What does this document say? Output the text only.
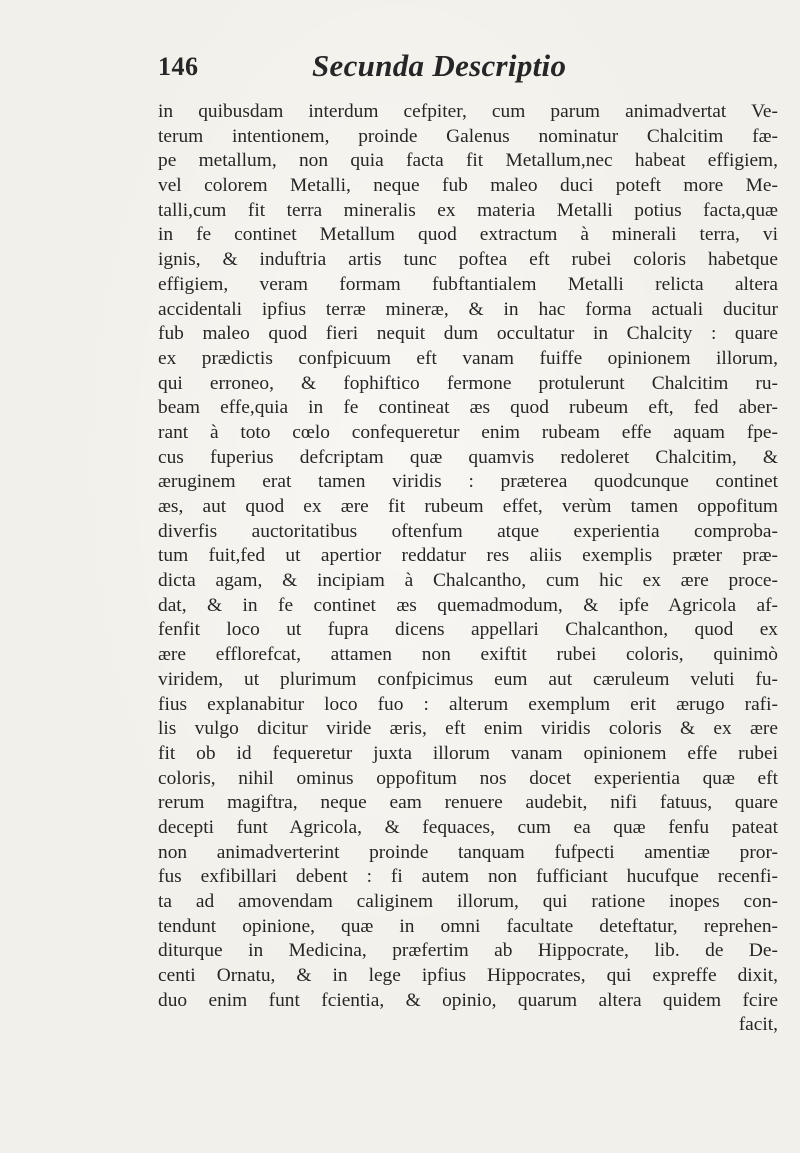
146	Secunda Descriptio
in quibusdam interdum cefpiter, cum parum animadvertat Ve-
terum intentionem, proinde Galenus nominatur Chalcitim fæ-
pe metallum, non quia facta fit Metallum,nec habeat effigiem,
vel colorem Metalli, neque fub maleo duci poteft more Me-
talli,cum fit terra mineralis ex materia Metalli potius facta,quæ
in fe continet Metallum quod extractum à minerali terra, vi
ignis, & induftria artis tunc poftea eft rubei coloris habetque
effigiem, veram formam fubftantialem Metalli relicta altera
accidentali ipfius terræ mineræ, & in hac forma actuali ducitur
fub maleo quod fieri nequit dum occultatur in Chalcity : quare
ex prædictis confpicuum eft vanam fuiffe opinionem illorum,
qui erroneo, & fophiftico fermone protulerunt Chalcitim ru-
beam effe,quia in fe contineat æs quod rubeum eft, fed aber-
rant à toto cœlo confequeretur enim rubeam effe aquam fpe-
cus fuperius defcriptam quæ quamvis redoleret Chalcitim, &
æruginem erat tamen viridis : præterea quodcunque continet
æs, aut quod ex ære fit rubeum effet, verùm tamen oppofitum
diverfis auctoritatibus oftenfum atque experientia comproba-
tum fuit,fed ut apertior reddatur res aliis exemplis præter præ-
dicta agam, & incipiam à Chalcantho, cum hic ex ære proce-
dat, & in fe continet æs quemadmodum, & ipfe Agricola af-
fenfit loco ut fupra dicens appellari Chalcanthon, quod ex
ære efflorefcat, attamen non exiftit rubei coloris, quinimò
viridem, ut plurimum confpicimus eum aut cæruleum veluti fu-
fius explanabitur loco fuo : alterum exemplum erit ærugo rafi-
lis vulgo dicitur viride æris, eft enim viridis coloris & ex ære
fit ob id fequeretur juxta illorum vanam opinionem effe rubei
coloris, nihil ominus oppofitum nos docet experientia quæ eft
rerum magiftra, neque eam renuere audebit, nifi fatuus, quare
decepti funt Agricola, & fequaces, cum ea quæ fenfu pateat
non animadverterint proinde tanquam fufpecti amentiæ pror-
fus exfibillari debent : fi autem non fufficiant hucufque recenfi-
ta ad amovendam caliginem illorum, qui ratione inopes con-
tendunt opinione, quæ in omni facultate deteftatur, reprehen-
diturque in Medicina, præfertim ab Hippocrate, lib. de De-
centi Ornatu, & in lege ipfius Hippocrates, qui expreffe dixit,
duo enim funt fcientia, & opinio, quarum altera quidem fcire
facit,
